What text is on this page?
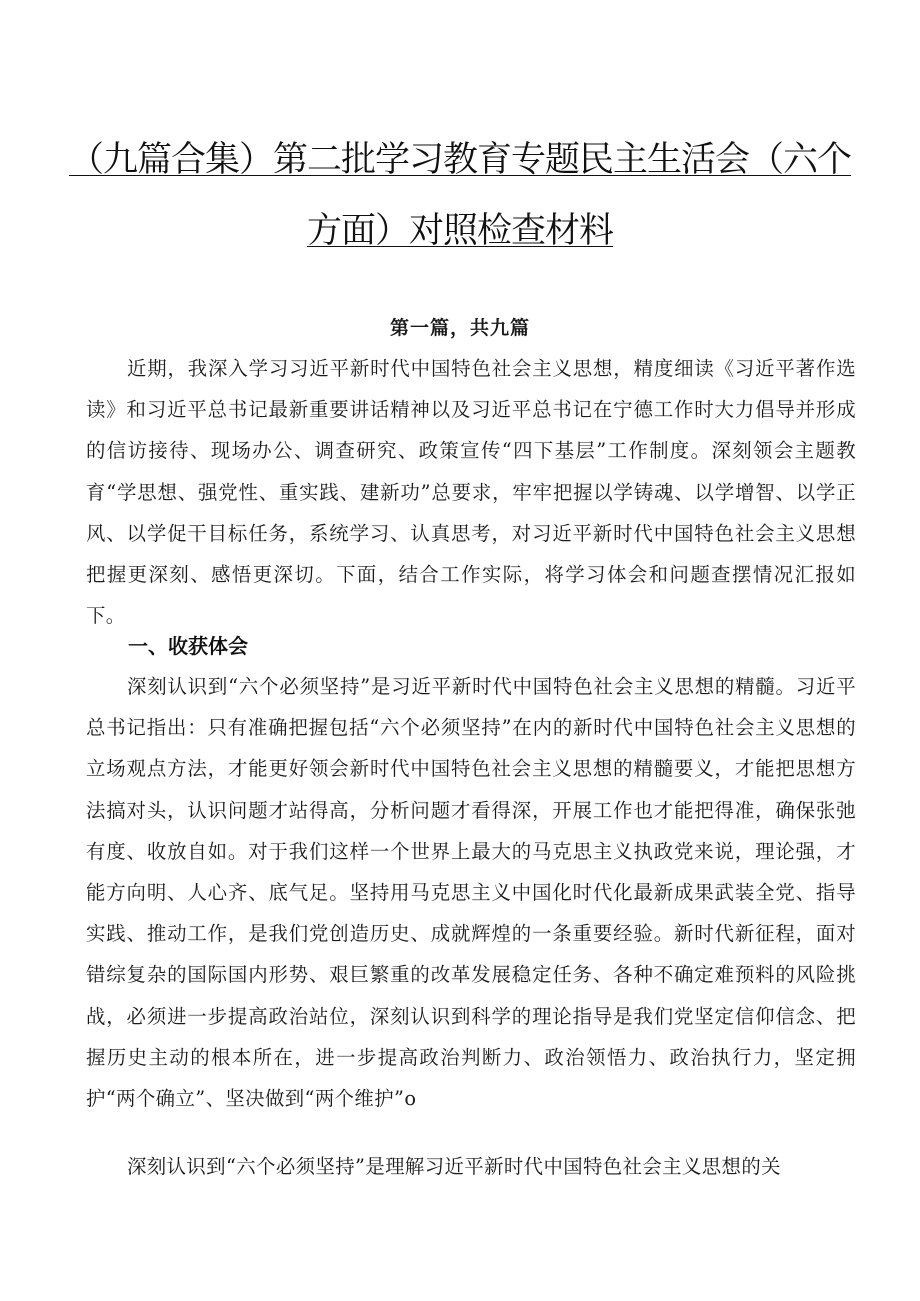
（九篇合集）第二批学习教育专题民主生活会（六个
方面）对照检查材料
第一篇，共九篇
近期，我深入学习习近平新时代中国特色社会主义思想，精度细读《习近平著作选读》和习近平总书记最新重要讲话精神以及习近平总书记在宁德工作时大力倡导并形成的信访接待、现场办公、调查研究、政策宣传“四下基层”工作制度。深刻领会主题教育“学思想、强党性、重实践、建新功”总要求，牢牢把握以学铸魂、以学增智、以学正风、以学促干目标任务，系统学习、认真思考，对习近平新时代中国特色社会主义思想把握更深刻、感悟更深切。下面，结合工作实际，将学习体会和问题查摆情况汇报如下。
一、收获体会
深刻认识到“六个必须坚持”是习近平新时代中国特色社会主义思想的精髓。习近平总书记指出：只有准确把握包括“六个必须坚持”在内的新时代中国特色社会主义思想的立场观点方法，才能更好领会新时代中国特色社会主义思想的精髓要义，才能把思想方法搞对头，认识问题才站得高，分析问题才看得深，开展工作也才能把得准，确保张弛有度、收放自如。对于我们这样一个世界上最大的马克思主义执政党来说，理论强，才能方向明、人心齐、底气足。坚持用马克思主义中国化时代化最新成果武装全党、指导实践、推动工作，是我们党创造历史、成就辉煌的一条重要经验。新时代新征程，面对错综复杂的国际国内形势、艰巨繁重的改革发展稳定任务、各种不确定难预料的风险挑战，必须进一步提高政治站位，深刻认识到科学的理论指导是我们党坚定信仰信念、把握历史主动的根本所在，进一步提高政治判断力、政治领悟力、政治执行力，坚定拥护“两个确立”、坚决做到“两个维护”o
深刻认识到“六个必须坚持”是理解习近平新时代中国特色社会主义思想的关
